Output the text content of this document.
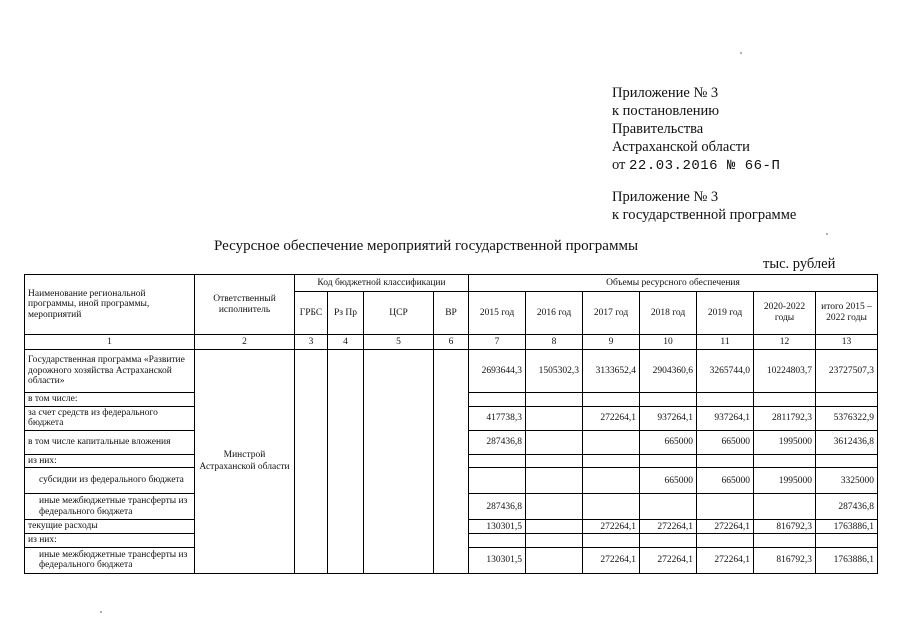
Приложение № 3
к постановлению
Правительства
Астраханской области
от 22.03.2016 № 66-П
Приложение № 3
к государственной программе
Ресурсное обеспечение мероприятий государственной программы
тыс. рублей
Наименование региональной программы, иной программы, мероприятий	Ответственный исполнитель	Код бюджетной классификации				Объемы ресурсного обеспечения						
		ГРБС	Рз Пр	ЦСР	ВР	2015 год	2016 год	2017 год	2018 год	2019 год	2020-2022 годы	итого 2015 – 2022 годы
1	2	3	4	5	6	7	8	9	10	11	12	13
Государственная программа «Развитие дорожного хозяйства Астраханской области»	Минстрой Астраханской области					2693644,3	1505302,3	3133652,4	2904360,6	3265744,0	10224803,7	23727507,3
в том числе:												
за счет средств из федерального бюджета						417738,3		272264,1	937264,1	937264,1	2811792,3	5376322,9
в том числе капитальные вложения						287436,8			665000	665000	1995000	3612436,8
из них:												
субсидии из федерального бюджета									665000	665000	1995000	3325000
иные межбюджетные трансферты из федерального бюджета						287436,8						287436,8
текущие расходы						130301,5		272264,1	272264,1	272264,1	816792,3	1763886,1
из них:												
иные межбюджетные трансферты из федерального бюджета						130301,5		272264,1	272264,1	272264,1	816792,3	1763886,1
